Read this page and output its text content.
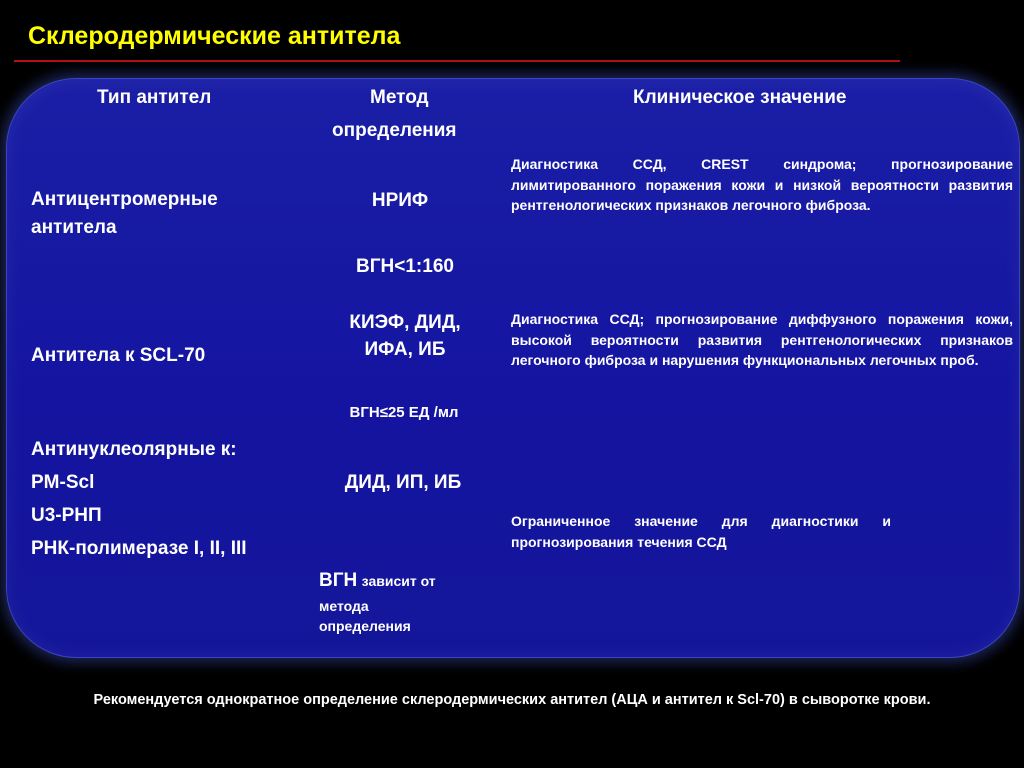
Склеродермические антитела
Тип антител	Метод
определения
Клиническое значение
Антицентромерные
антитела
НРИФ
ВГН<1:160
Диагностика ССД, CREST синдрома; прогнозирование лимитированного поражения кожи и низкой вероятности развития рентгенологических признаков легочного фиброза.
Антитела к SCL-70
КИЭФ, ДИД,
ИФА, ИБ
ВГН≤25 ЕД /мл
Диагностика ССД; прогнозирование диффузного поражения кожи, высокой вероятности развития рентгенологических признаков легочного фиброза и нарушения функциональных легочных проб.
Антинуклеолярные к:
PM-Scl
U3-РНП
РНК-полимеразе I, II, III
ДИД, ИП, ИБ
ВГН зависит от
метода
определения
Ограниченное значение для диагностики и прогнозирования течения ССД
Рекомендуется однократное определение склеродермических антител (АЦА и антител к Scl-70) в сыворотке крови.
